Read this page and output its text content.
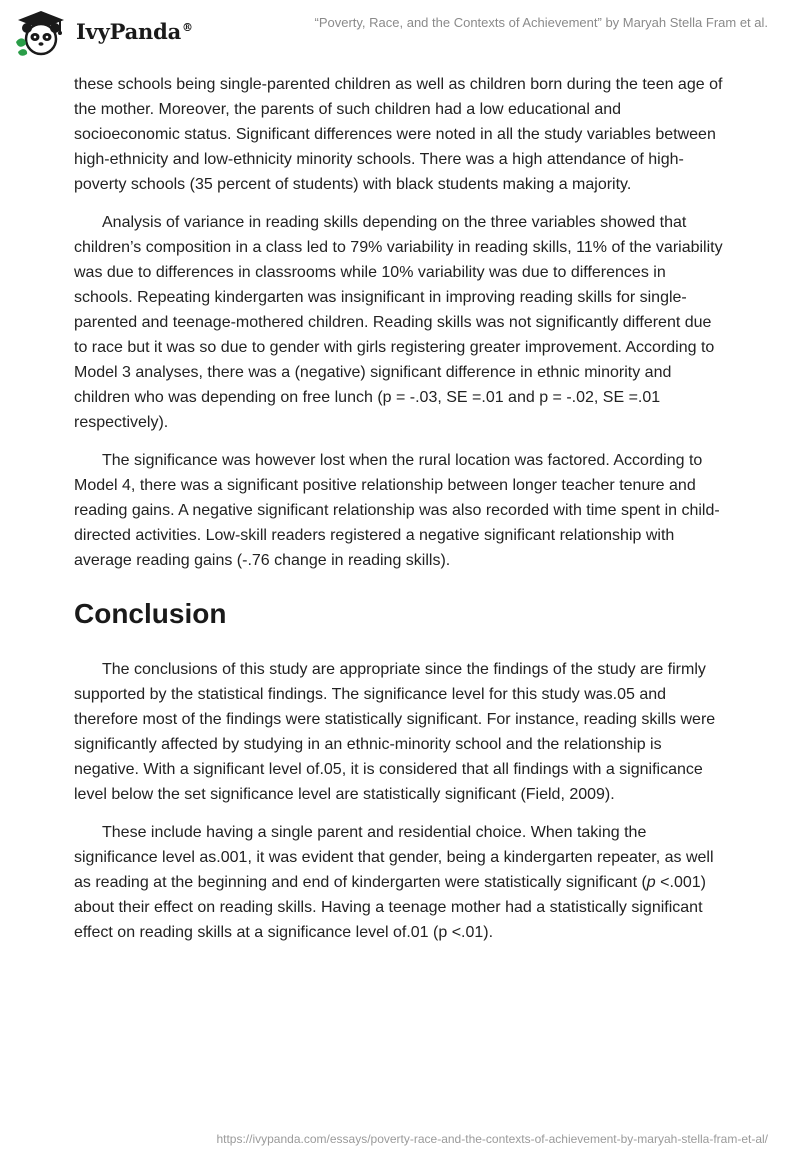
IvyPanda®	“Poverty, Race, and the Contexts of Achievement” by Maryah Stella Fram et al.

these schools being single-parented children as well as children born during the teen age of the mother. Moreover, the parents of such children had a low educational and socioeconomic status. Significant differences were noted in all the study variables between high-ethnicity and low-ethnicity minority schools. There was a high attendance of high-poverty schools (35 percent of students) with black students making a majority.

Analysis of variance in reading skills depending on the three variables showed that children’s composition in a class led to 79% variability in reading skills, 11% of the variability was due to differences in classrooms while 10% variability was due to differences in schools. Repeating kindergarten was insignificant in improving reading skills for single-parented and teenage-mothered children. Reading skills was not significantly different due to race but it was so due to gender with girls registering greater improvement. According to Model 3 analyses, there was a (negative) significant difference in ethnic minority and children who was depending on free lunch (p = -.03, SE =.01 and p = -.02, SE =.01 respectively).

The significance was however lost when the rural location was factored. According to Model 4, there was a significant positive relationship between longer teacher tenure and reading gains. A negative significant relationship was also recorded with time spent in child-directed activities. Low-skill readers registered a negative significant relationship with average reading gains (-.76 change in reading skills).

Conclusion

The conclusions of this study are appropriate since the findings of the study are firmly supported by the statistical findings. The significance level for this study was.05 and therefore most of the findings were statistically significant. For instance, reading skills were significantly affected by studying in an ethnic-minority school and the relationship is negative. With a significant level of.05, it is considered that all findings with a significance level below the set significance level are statistically significant (Field, 2009).

These include having a single parent and residential choice. When taking the significance level as.001, it was evident that gender, being a kindergarten repeater, as well as reading at the beginning and end of kindergarten were statistically significant (p <.001) about their effect on reading skills. Having a teenage mother had a statistically significant effect on reading skills at a significance level of.01 (p <.01).

https://ivypanda.com/essays/poverty-race-and-the-contexts-of-achievement-by-maryah-stella-fram-et-al/
